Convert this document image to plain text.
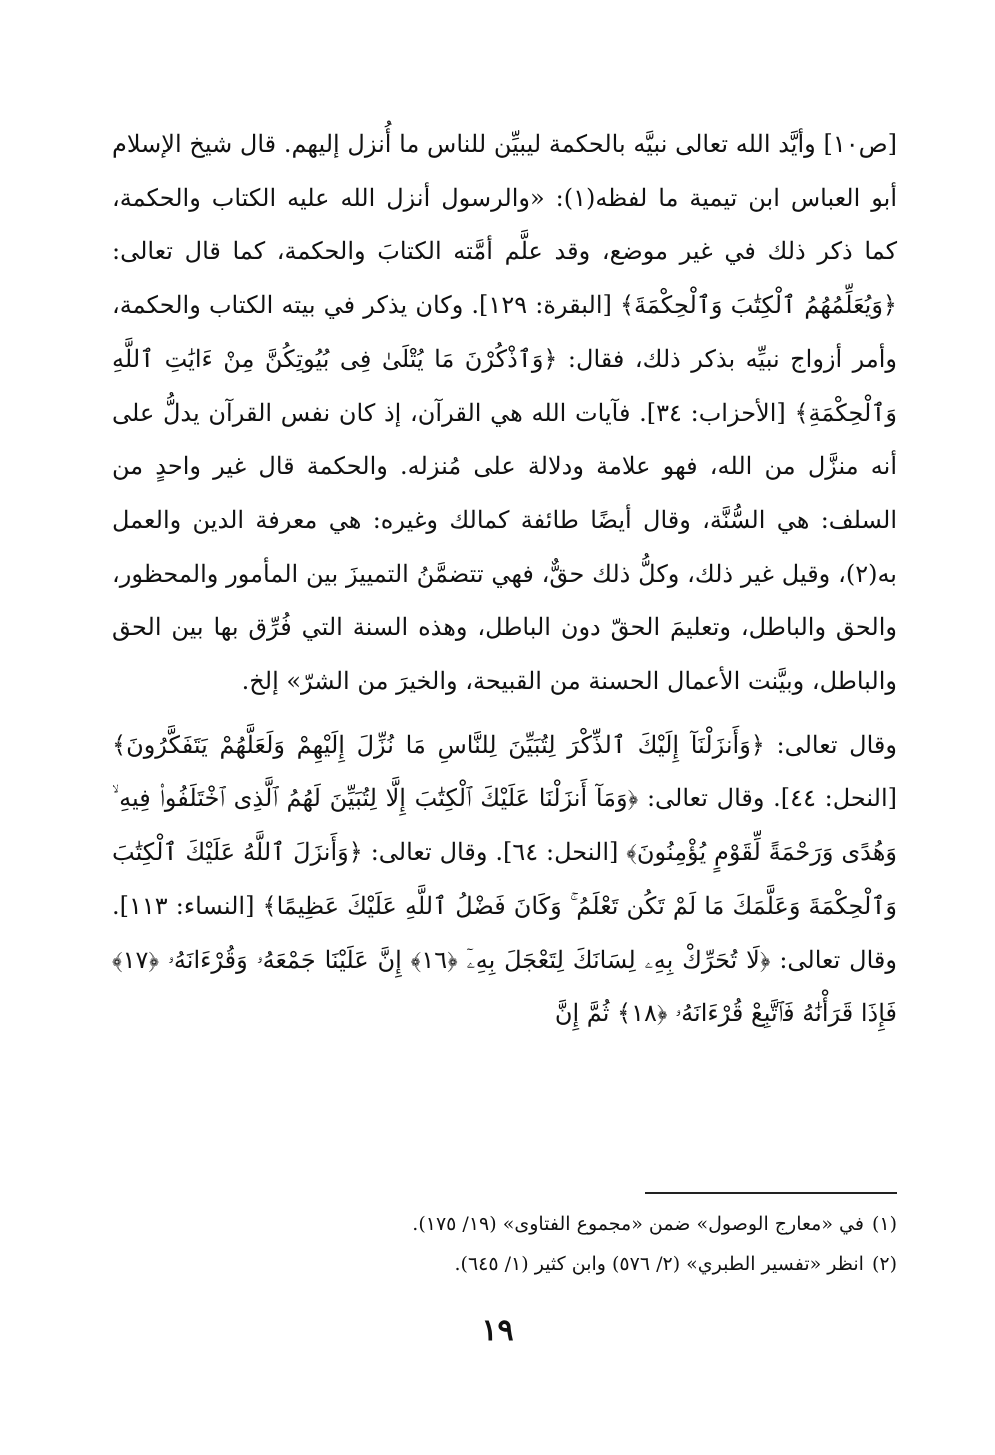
[ص١٠] وأيَّد الله تعالى نبيَّه بالحكمة ليبيِّن للناس ما أُنزل إليهم. قال شيخ الإسلام أبو العباس ابن تيمية ما لفظه(١): «والرسول أنزل الله عليه الكتاب والحكمة، كما ذكر ذلك في غير موضع، وقد علَّم أمَّته الكتابَ والحكمة، كما قال تعالى: ﴿وَيُعَلِّمُهُمُ ٱلْكِتَٰبَ وَٱلْحِكْمَةَ﴾ [البقرة: ١٢٩]. وكان يذكر في بيته الكتاب والحكمة، وأمر أزواج نبيِّه بذكر ذلك، فقال: ﴿وَٱذْكُرْنَ مَا يُتْلَىٰ فِى بُيُوتِكُنَّ مِنْ ءَايَٰتِ ٱللَّهِ وَٱلْحِكْمَةِ﴾ [الأحزاب: ٣٤]. فآيات الله هي القرآن، إذ كان نفس القرآن يدلُّ على أنه منزَّل من الله، فهو علامة ودلالة على مُنزله. والحكمة قال غير واحدٍ من السلف: هي السُّنَّة، وقال أيضًا طائفة كمالك وغيره: هي معرفة الدين والعمل به(٢)، وقيل غير ذلك، وكلُّ ذلك حقٌّ، فهي تتضمَّنُ التمييزَ بين المأمور والمحظور، والحق والباطل، وتعليمَ الحقّ دون الباطل، وهذه السنة التي فُرِّق بها بين الحق والباطل، وبيَّنت الأعمال الحسنة من القبيحة، والخيرَ من الشرّ» إلخ.

وقال تعالى: ﴿وَأَنزَلْنَآ إِلَيْكَ ٱلذِّكْرَ لِتُبَيِّنَ لِلنَّاسِ مَا نُزِّلَ إِلَيْهِمْ وَلَعَلَّهُمْ يَتَفَكَّرُونَ﴾ [النحل: ٤٤]. وقال تعالى: ﴿وَمَآ أَنزَلْنَا عَلَيْكَ ٱلْكِتَٰبَ إِلَّا لِتُبَيِّنَ لَهُمُ ٱلَّذِى ٱخْتَلَفُوا۟ فِيهِ ۙ وَهُدًى وَرَحْمَةً لِّقَوْمٍ يُؤْمِنُونَ﴾ [النحل: ٦٤]. وقال تعالى: ﴿وَأَنزَلَ ٱللَّهُ عَلَيْكَ ٱلْكِتَٰبَ وَٱلْحِكْمَةَ وَعَلَّمَكَ مَا لَمْ تَكُن تَعْلَمُ ۚ وَكَانَ فَضْلُ ٱللَّهِ عَلَيْكَ عَظِيمًا﴾ [النساء: ١١٣]. وقال تعالى: ﴿لَا تُحَرِّكْ بِهِۦ لِسَانَكَ لِتَعْجَلَ بِهِۦٓ ﴿١٦﴾ إِنَّ عَلَيْنَا جَمْعَهُۥ وَقُرْءَانَهُۥ ﴿١٧﴾ فَإِذَا قَرَأْنَٰهُ فَٱتَّبِعْ قُرْءَانَهُۥ ﴿١٨﴾ ثُمَّ إِنَّ

(١)في «معارج الوصول» ضمن «مجموع الفتاوى» (١٩/ ١٧٥).

(٢)انظر «تفسير الطبري» (٢/ ٥٧٦) وابن كثير (١/ ٦٤٥).

١٩
